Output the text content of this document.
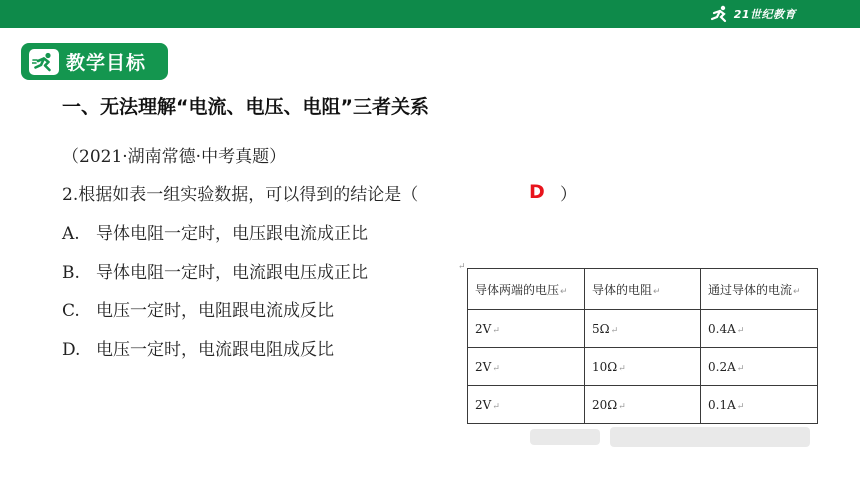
21世纪教育
教学目标
一、无法理解“电流、电压、电阻”三者关系
（2021·湖南常德·中考真题）
2.根据如表一组实验数据，可以得到的结论是（	D ）
A. 导体电阻一定时，电压跟电流成正比
B. 导体电阻一定时，电流跟电压成正比
C. 电压一定时，电阻跟电流成反比
D. 电压一定时，电流跟电阻成反比
↵
导体两端的电压↵	导体的电阻↵	通过导体的电流↵
2V↵	5Ω↵	0.4A↵
2V↵	10Ω↵	0.2A↵
2V↵	20Ω↵	0.1A↵
